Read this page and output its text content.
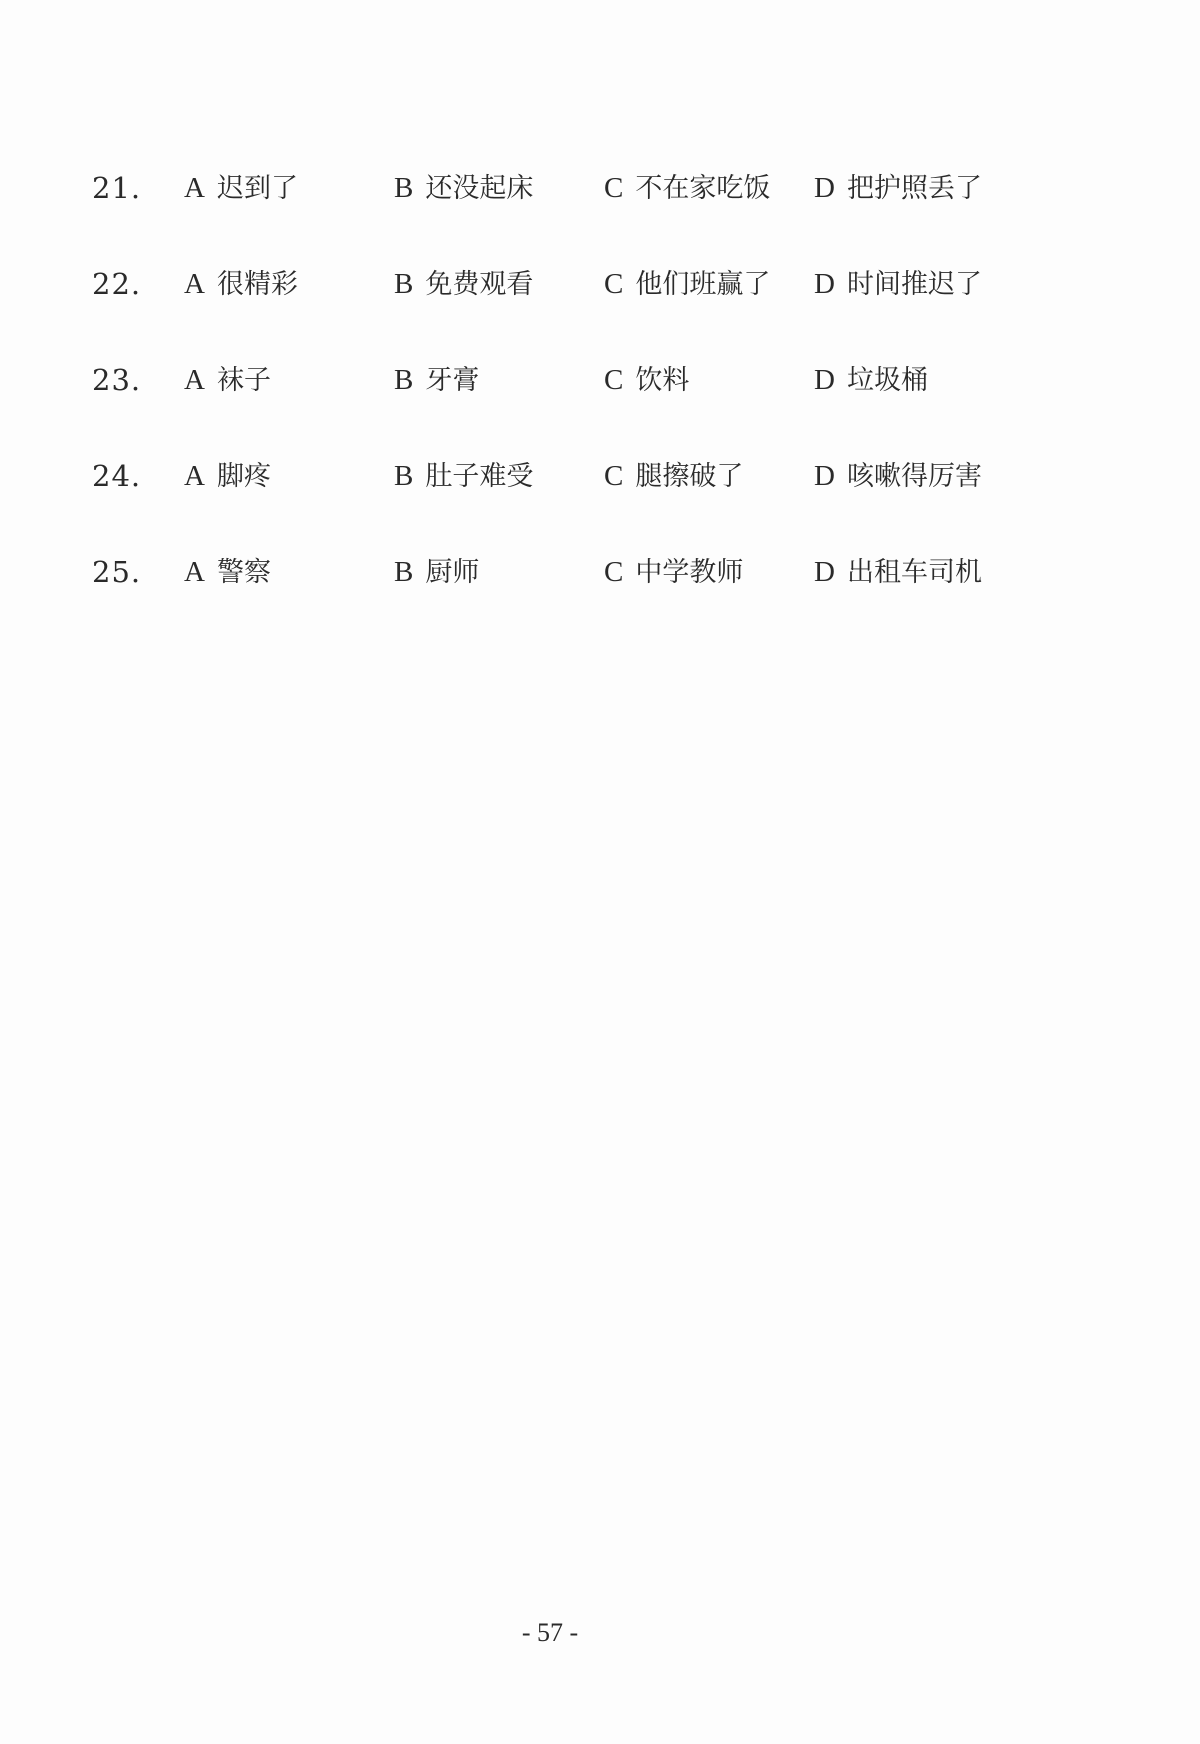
21. A 迟到了	B 还没起床 C 不在家吃饭 D 把护照丢了
22. A 很精彩	B 免费观看 C 他们班赢了 D 时间推迟了
23. A 袜子	B 牙膏	C 饮料	D 垃圾桶
24. A 脚疼	B 肚子难受 C 腿擦破了 D 咳嗽得厉害
25. A 警察	B 厨师	C 中学教师 D 出租车司机
- 57 -
